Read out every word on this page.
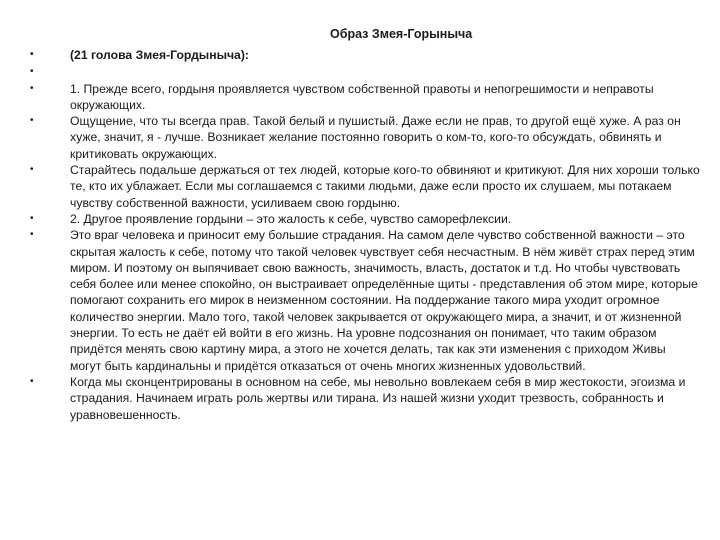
Образ Змея-Горыныча
•	(21 голова Змея-Гордыныча):
•
•	1. Прежде всего, гордыня проявляется чувством собственной правоты и непогрешимости и неправоты окружающих.
•	Ощущение, что ты всегда прав. Такой белый и пушистый. Даже если не прав, то другой ещё хуже. А раз он хуже, значит, я - лучше. Возникает желание постоянно говорить о ком-то, кого-то обсуждать, обвинять и критиковать окружающих.
•	Старайтесь подальше держаться от тех людей, которые кого-то обвиняют и критикуют. Для них хороши только те, кто их ублажает. Если мы соглашаемся с такими людьми, даже если просто их слушаем, мы потакаем чувству собственной важности, усиливаем свою гордыню.
•	2. Другое проявление гордыни – это жалость к себе, чувство саморефлексии.
•	Это враг человека и приносит ему большие страдания. На самом деле чувство собственной важности – это скрытая жалость к себе, потому что такой человек чувствует себя несчастным. В нём живёт страх перед этим миром. И поэтому он выпячивает свою важность, значимость, власть, достаток и т.д. Но чтобы чувствовать себя более или менее спокойно, он выстраивает определённые щиты - представления об этом мире, которые помогают сохранить его мирок в неизменном состоянии. На поддержание такого мира уходит огромное количество энергии. Мало того, такой человек закрывается от окружающего мира, а значит, и от жизненной энергии. То есть не даёт ей войти в его жизнь. На уровне подсознания он понимает, что таким образом придётся менять свою картину мира, а этого не хочется делать, так как эти изменения с приходом Живы могут быть кардинальны и придётся отказаться от очень многих жизненных удовольствий.
•	Когда мы сконцентрированы в основном на себе, мы невольно вовлекаем себя в мир жестокости, эгоизма и страдания. Начинаем играть роль жертвы или тирана. Из нашей жизни уходит трезвость, собранность и уравновешенность.
